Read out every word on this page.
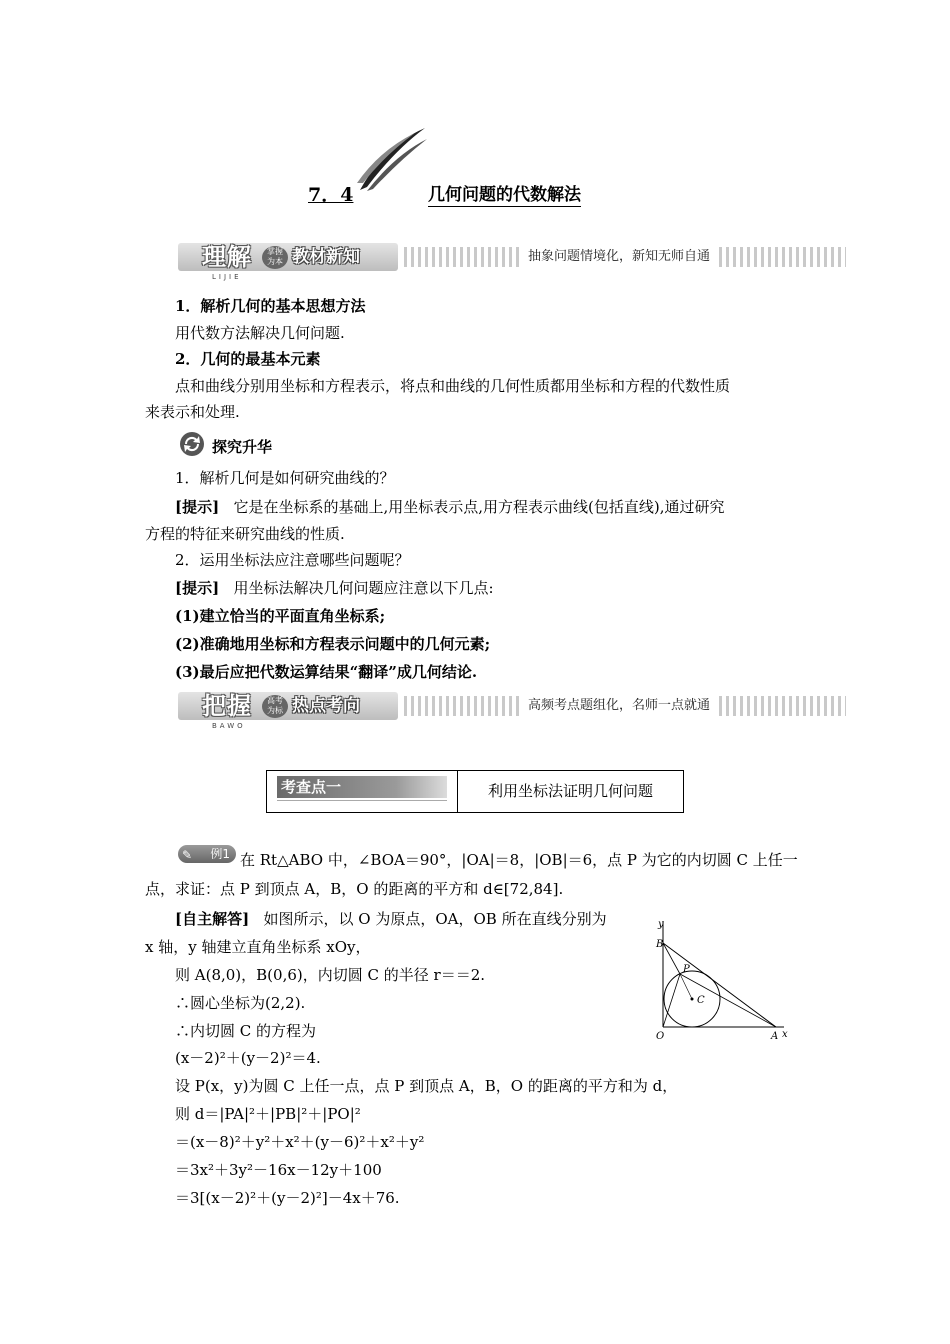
7．4	几何问题的代数解法
理解	掌握
为本 教材新知
LIJIE
抽象问题情境化，新知无师自通
1．解析几何的基本思想方法
用代数方法解决几何问题.
2．几何的最基本元素
点和曲线分别用坐标和方程表示，将点和曲线的几何性质都用坐标和方程的代数性质
来表示和处理.
探究升华
1．解析几何是如何研究曲线的？
[提示] 它是在坐标系的基础上,用坐标表示点,用方程表示曲线(包括直线),通过研究
方程的特征来研究曲线的性质.
2．运用坐标法应注意哪些问题呢？
[提示] 用坐标法解决几何问题应注意以下几点:
(1)建立恰当的平面直角坐标系;
(2)准确地用坐标和方程表示问题中的几何元素;
(3)最后应把代数运算结果“翻译”成几何结论.
把握	高考
为标 热点考向
BAWO
高频考点题组化，名师一点就通
考查点一	利用坐标法证明几何问题
✎ 例1 在 Rt△ABO 中，∠BOA＝90°，|OA|＝8，|OB|＝6，点 P 为它的内切圆 C 上任一
点，求证：点 P 到顶点 A，B，O 的距离的平方和 d∈[72,84].
[自主解答] 如图所示，以 O 为原点，OA，OB 所在直线分别为
x 轴，y 轴建立直角坐标系 xOy，
则 A(8,0)，B(0,6)，内切圆 C 的半径 r＝＝2.
∴圆心坐标为(2,2).
∴内切圆 C 的方程为
(x－2)²＋(y－2)²＝4.
设 P(x，y)为圆 C 上任一点，点 P 到顶点 A，B，O 的距离的平方和为 d，
则 d＝|PA|²＋|PB|²＋|PO|²
＝(x－8)²＋y²＋x²＋(y－6)²＋x²＋y²
＝3x²＋3y²－16x－12y＋100
＝3[(x－2)²＋(y－2)²]－4x＋76.
y
B
P
C
O	A x
